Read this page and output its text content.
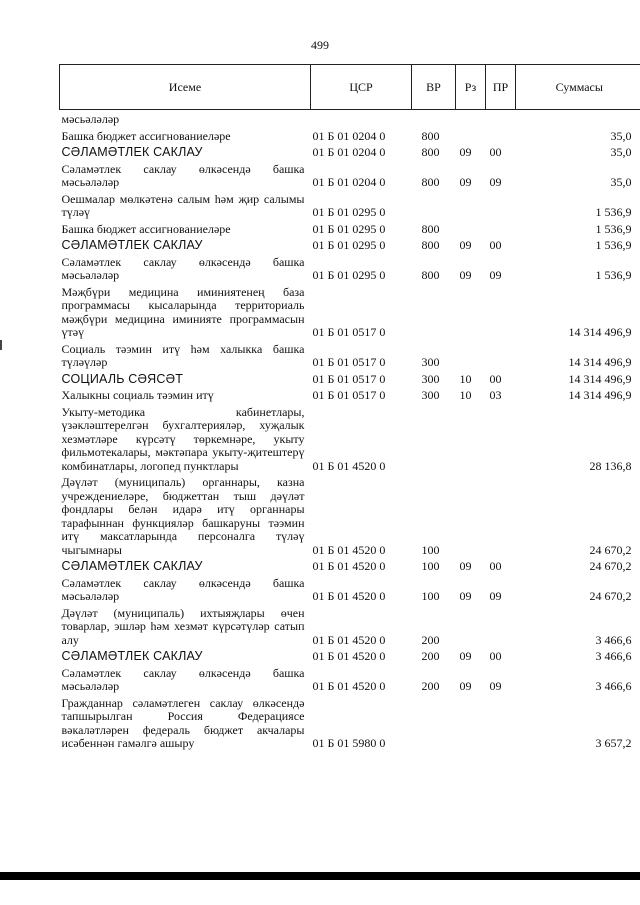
499
Исеме	ЦСР	ВР	Рз	ПР	Суммасы
мәсьәләләр					
Башка бюджет ассигнованиеләре	01 Б 01 0204 0	800			35,0
СӘЛАМӘТЛЕК САКЛАУ	01 Б 01 0204 0	800	09	00	35,0
Сәламәтлек саклау өлкәсендә башка мәсьәләләр	01 Б 01 0204 0	800	09	09	35,0
Оешмалар мөлкәтенә салым һәм җир салымы түләү	01 Б 01 0295 0				1 536,9
Башка бюджет ассигнованиеләре	01 Б 01 0295 0	800			1 536,9
СӘЛАМӘТЛЕК САКЛАУ	01 Б 01 0295 0	800	09	00	1 536,9
Сәламәтлек саклау өлкәсендә башка мәсьәләләр	01 Б 01 0295 0	800	09	09	1 536,9
Мәҗбүри медицина иминиятенең база программасы кысаларында территориаль мәҗбүри медицина иминияте программасын үтәү	01 Б 01 0517 0				14 314 496,9
Социаль тәэмин итү һәм халыкка башка түләүләр	01 Б 01 0517 0	300			14 314 496,9
СОЦИАЛЬ СӘЯСӘТ	01 Б 01 0517 0	300	10	00	14 314 496,9
Халыкны социаль тәэмин итү	01 Б 01 0517 0	300	10	03	14 314 496,9
Укыту-методика кабинетлары, үзәкләштерелгән бухгалтерияләр, хуҗалык хезмәтләре күрсәтү төркемнәре, укыту фильмотекалары, мәктәпара укыту-җитештерү комбинатлары, логопед пунктлары	01 Б 01 4520 0				28 136,8
Дәүләт (муниципаль) органнары, казна учреждениеләре, бюджеттан тыш дәүләт фондлары белән идарә итү органнары тарафыннан функцияләр башкаруны тәэмин итү максатларында персоналга түләү чыгымнары	01 Б 01 4520 0	100			24 670,2
СӘЛАМӘТЛЕК САКЛАУ	01 Б 01 4520 0	100	09	00	24 670,2
Сәламәтлек саклау өлкәсендә башка мәсьәләләр	01 Б 01 4520 0	100	09	09	24 670,2
Дәүләт (муниципаль) ихтыяҗлары өчен товарлар, эшләр һәм хезмәт күрсәтүләр сатып алу	01 Б 01 4520 0	200			3 466,6
СӘЛАМӘТЛЕК САКЛАУ	01 Б 01 4520 0	200	09	00	3 466,6
Сәламәтлек саклау өлкәсендә башка мәсьәләләр	01 Б 01 4520 0	200	09	09	3 466,6
Гражданнар сәламәтлеген саклау өлкәсендә тапшырылган Россия Федерациясе вәкаләтләрен федераль бюджет акчалары исәбеннән гамәлгә ашыру	01 Б 01 5980 0				3 657,2
